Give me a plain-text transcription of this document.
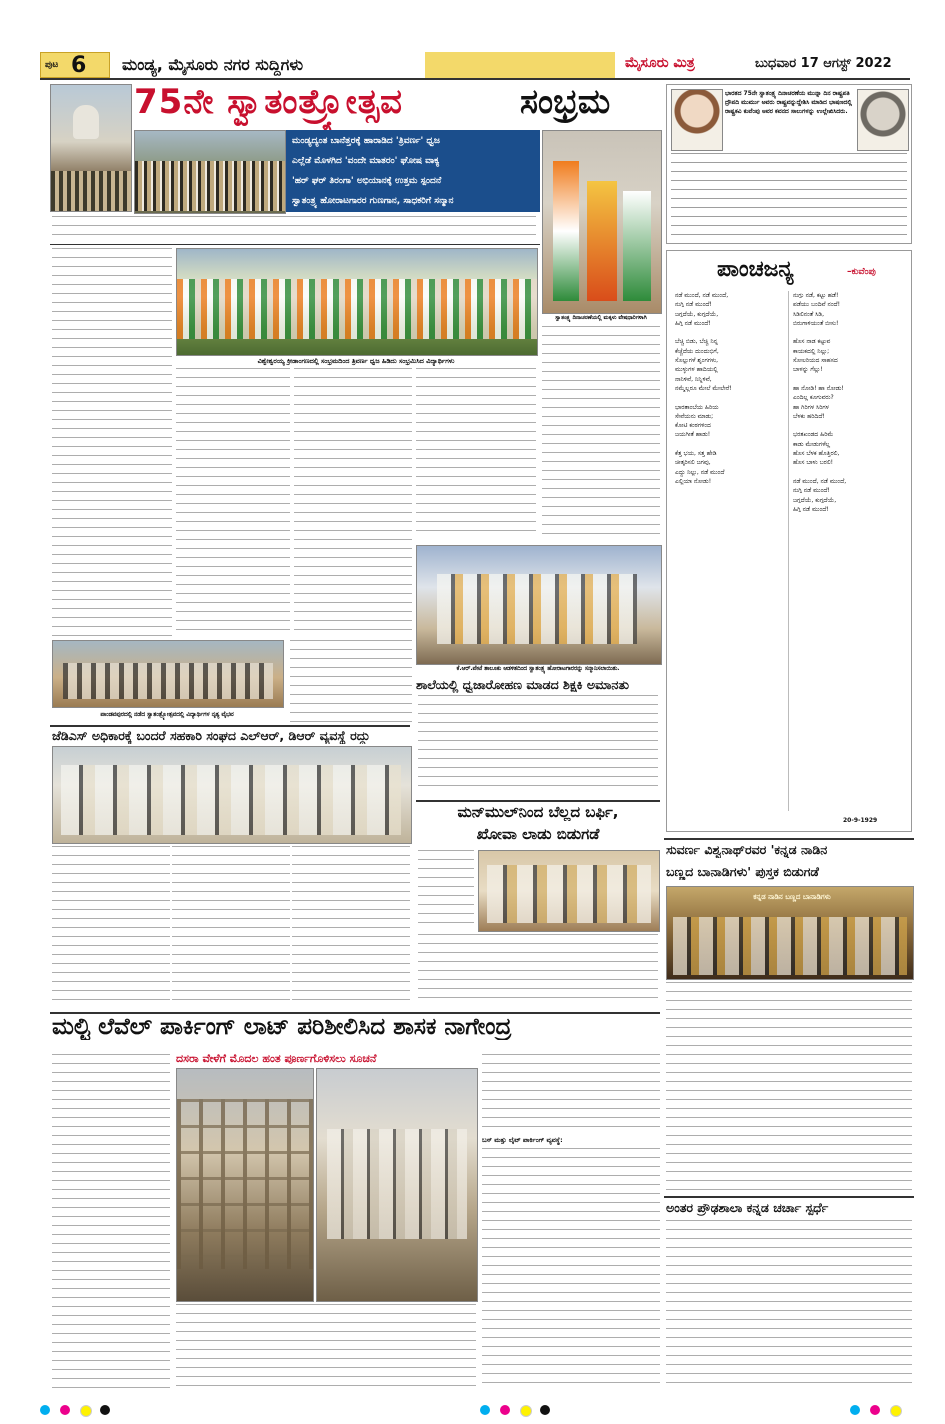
ಪುಟ 6 ಮಂಡ್ಯ, ಮೈಸೂರು ನಗರ ಸುದ್ದಿಗಳು	ಮೈಸೂರು ಮಿತ್ರ	ಬುಧವಾರ 17 ಆಗಸ್ಟ್ 2022
75ನೇ ಸ್ವಾತಂತ್ರ್ಯೋತ್ಸವ	ಸಂಭ್ರಮ
ಮಂಡ್ಯದ್ಯಂತ ಬಾನೆತ್ತರಕ್ಕೆ ಹಾರಾಡಿದ 'ತ್ರಿವರ್ಣ' ಧ್ವಜ
ಎಲ್ಲೆಡೆ ಮೊಳಗಿದ 'ವಂದೇ ಮಾತರಂ' ಘೋಷ ವಾಕ್ಯ
'ಹರ್ ಘರ್ ತಿರಂಗಾ' ಅಭಿಯಾನಕ್ಕೆ ಉತ್ತಮ ಸ್ಪಂದನೆ
ಸ್ವಾತಂತ್ರ್ಯ ಹೋರಾಟಗಾರರ ಗುಣಗಾನ, ಸಾಧಕರಿಗೆ ಸನ್ಮಾನ
ವಿಶ್ವೇಶ್ವರಯ್ಯ ಕ್ರೀಡಾಂಗಣದಲ್ಲಿ ಸಂಭ್ರಮದಿಂದ ತ್ರಿವರ್ಣ ಧ್ವಜ ಹಿಡಿದು ಸಂಭ್ರಮಿಸಿದ ವಿದ್ಯಾರ್ಥಿಗಳು
ಸ್ವಾತಂತ್ರ್ಯ ದಿನಾಚರಣೆಯಲ್ಲಿ ಮಕ್ಕಳು ವೇಷಧಾರಿಗಳಾಗಿ
ಕೆ.ಆರ್.ಪೇಟೆ ತಾಲೂಕು ಆಡಳಿತದಿಂದ ಸ್ವಾತಂತ್ರ್ಯ ಹೋರಾಟಗಾರರನ್ನು ಸನ್ಮಾನಿಸಲಾಯಿತು.
ಶಾಲೆಯಲ್ಲಿ ಧ್ವಜಾರೋಹಣ ಮಾಡದ ಶಿಕ್ಷಕಿ ಅಮಾನತು
ಪಾಂಡವಪುರದಲ್ಲಿ ನಡೆದ ಸ್ವಾತಂತ್ರ್ಯೋತ್ಸವದಲ್ಲಿ ವಿದ್ಯಾರ್ಥಿಗಳ ನೃತ್ಯ ವೈಭವ
ಜೆಡಿಎಸ್ ಅಧಿಕಾರಕ್ಕೆ ಬಂದರೆ ಸಹಕಾರಿ ಸಂಘದ ಎಲ್‌ಆರ್, ಡಿಆರ್ ವ್ಯವಸ್ಥೆ ರದ್ದು
ಮನ್‌ಮುಲ್‌ನಿಂದ ಬೆಲ್ಲದ ಬರ್ಫಿ,
ಖೋವಾ ಲಾಡು ಬಿಡುಗಡೆ
ಭಾರತದ 75ನೇ ಸ್ವಾತಂತ್ರ್ಯ ದಿನಾಚರಣೆಯ ಮುನ್ನಾ ದಿನ ರಾಷ್ಟ್ರಪತಿ ದ್ರೌಪದಿ ಮುರ್ಮು ಅವರು ರಾಷ್ಟ್ರವನ್ನುದ್ದೇಶಿಸಿ ಮಾಡಿದ ಭಾಷಣದಲ್ಲಿ ರಾಷ್ಟ್ರಕವಿ ಕುವೆಂಪು ಅವರ ಕವನದ ಸಾಲುಗಳನ್ನು ಉಲ್ಲೇಖಿಸಿದರು.
ಪಾಂಚಜನ್ಯ	–ಕುವೆಂಪು
ನಡೆ ಮುಂದೆ, ನಡೆ ಮುಂದೆ,
ನುಗ್ಗಿ ನಡೆ ಮುಂದೆ!
ಜಗ್ಗದೆಯೆ, ಕುಗ್ಗದೆಯೆ,
ಹಿಗ್ಗಿ ನಡೆ ಮುಂದೆ!

ಬೆಚ್ಚಿ ಬಿಡು, ಬೆಚ್ಚಿ ನಿನ್ನ
ಕೆಚ್ಚೆದೆಯ ದುಂದುಭಿಗೆ,
ಸೊಲ್ಲುಗಳೆ ಶೃಂಗಗಳು,
ಮುಳ್ಳುಗಳ ಹಾದಿಯಲ್ಲಿ
ನಾನಿಳಿವೆ, ನಿನ್ನಿಳಿವೆ,
ನಮ್ಮೆಲ್ಲರೂ ಮೇಲೆ ಮೇಲೇರೆ!

ಭಾರತಾಂಬೆಯ ಹಿರಿಯ
ಸೇವೆಯನು ಮಾಡು;
ಕೋಟಿ ಕಂಠಗಳಿಂದ
ಜಯಗೀತೆ ಹಾಡು!

ಕೆತ್ತ ಭಯ, ಸತ್ತ ಹೇಡಿ
ಚೀತ್ಕರಿಸಲಿ ಜಗವು,
ಎದ್ದು ನಿಲ್ಲು, ನಡೆ ಮುಂದೆ
ಎಲ್ಲಿಯಾ ನೋಡು!
ನುಗ್ಗು ನಡೆ, ಕಟ್ಟು ಹಡೆ!
ಪಡೆಯು ಬಂದಿವೆ ನಂದೆ!
ಸಿಡಿಲಿನಂತೆ ಸಿಡಿ,
ಬಿರುಗಾಳಿಯಂತೆ ಬೀಸು!

ಹೊಸ ನಾಡ ಕಟ್ಟುವ
ಕಾಯಕದಲ್ಲಿ ನಿಲ್ಲು;
ಸೋಲರಿಯದ ಸಾಹಸದ
ಬಾಳನ್ನು ಗೆಲ್ಲು!

ಹಾ ನೋಡಿ! ಹಾ ನೋಡು!
ಎಂದಿಲ್ಲ ಕೂಗುವರು?
ಹಾ ಗಿರಿಗಳ ಸಿರಿಗಳ
ಬೆಳಕು ಹರಿದಿದೆ!

ಭರತಖಂಡದ ಹಿರಿಮೆ
ಕಾಡು ಮೇಡುಗಳೆಲ್ಲ
ಹೊಸ ಬೆಳಕ ಹೊತ್ತಿರಲಿ,
ಹೊಸ ಬಾಳು ಬರಲಿ!

ನಡೆ ಮುಂದೆ, ನಡೆ ಮುಂದೆ,
ನುಗ್ಗಿ ನಡೆ ಮುಂದೆ!
ಜಗ್ಗದೆಯೆ, ಕುಗ್ಗದೆಯೆ,
ಹಿಗ್ಗಿ ನಡೆ ಮುಂದೆ!
20-9-1929
ಸುವರ್ಣ ವಿಶ್ವನಾಥ್‌ರವರ 'ಕನ್ನಡ ನಾಡಿನ
ಬಣ್ಣದ ಬಾನಾಡಿಗಳು' ಪುಸ್ತಕ ಬಿಡುಗಡೆ
ಕನ್ನಡ ನಾಡಿನ ಬಣ್ಣದ ಬಾನಾಡಿಗಳು
ಅಂತರ ಪ್ರೌಢಶಾಲಾ ಕನ್ನಡ ಚರ್ಚಾ ಸ್ಪರ್ಧೆ
ಮಲ್ಟಿ ಲೆವೆಲ್ ಪಾರ್ಕಿಂಗ್ ಲಾಟ್ ಪರಿಶೀಲಿಸಿದ ಶಾಸಕ ನಾಗೇಂದ್ರ
ದಸರಾ ವೇಳೆಗೆ ಮೊದಲ ಹಂತ ಪೂರ್ಣಗೊಳಿಸಲು ಸೂಚನೆ
ಬಸ್ ಮತ್ತು ಲೈಟ್ ಪಾರ್ಕಿಂಗ್ ವ್ಯವಸ್ಥೆ:
